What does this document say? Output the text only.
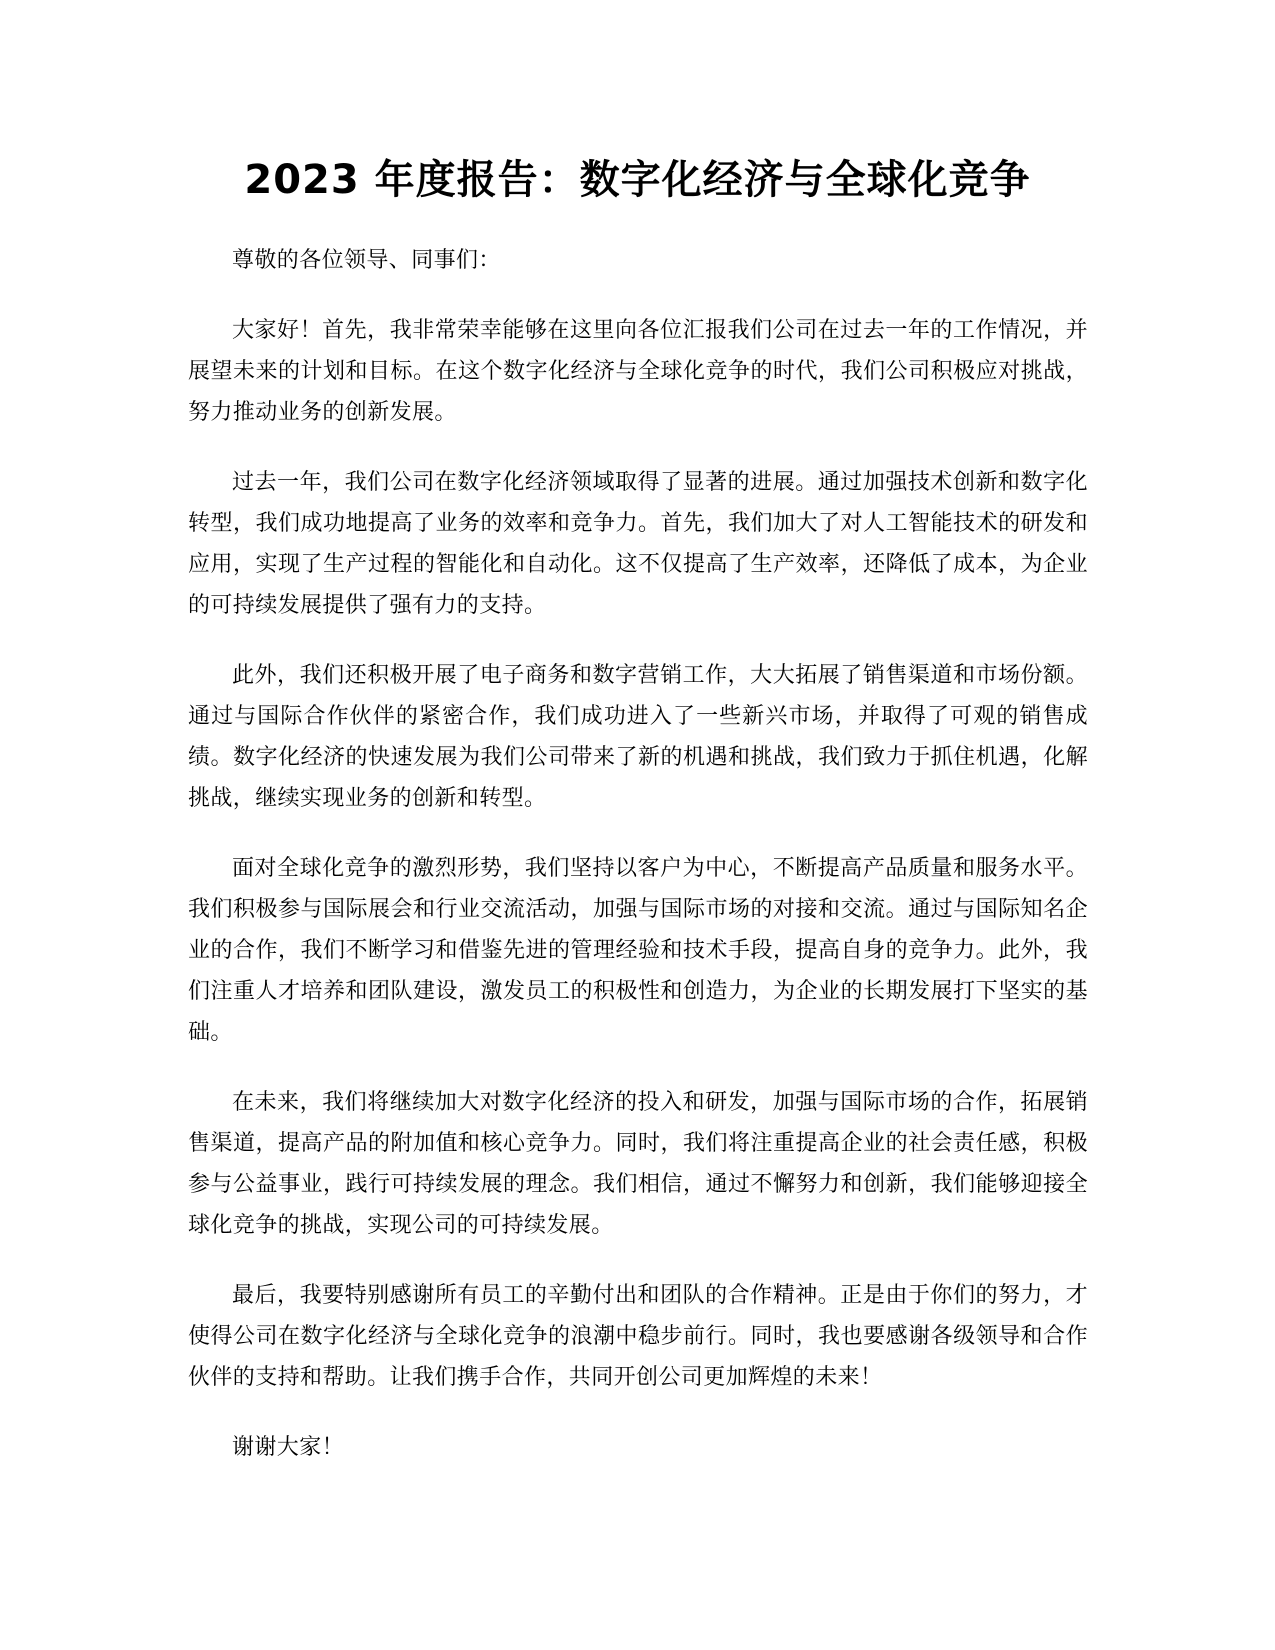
2023 年度报告：数字化经济与全球化竞争

尊敬的各位领导、同事们：

大家好！首先，我非常荣幸能够在这里向各位汇报我们公司在过去一年的工作情况，并展望未来的计划和目标。在这个数字化经济与全球化竞争的时代，我们公司积极应对挑战，努力推动业务的创新发展。

过去一年，我们公司在数字化经济领域取得了显著的进展。通过加强技术创新和数字化转型，我们成功地提高了业务的效率和竞争力。首先，我们加大了对人工智能技术的研发和应用，实现了生产过程的智能化和自动化。这不仅提高了生产效率，还降低了成本，为企业的可持续发展提供了强有力的支持。

此外，我们还积极开展了电子商务和数字营销工作，大大拓展了销售渠道和市场份额。通过与国际合作伙伴的紧密合作，我们成功进入了一些新兴市场，并取得了可观的销售成绩。数字化经济的快速发展为我们公司带来了新的机遇和挑战，我们致力于抓住机遇，化解挑战，继续实现业务的创新和转型。

面对全球化竞争的激烈形势，我们坚持以客户为中心，不断提高产品质量和服务水平。我们积极参与国际展会和行业交流活动，加强与国际市场的对接和交流。通过与国际知名企业的合作，我们不断学习和借鉴先进的管理经验和技术手段，提高自身的竞争力。此外，我们注重人才培养和团队建设，激发员工的积极性和创造力，为企业的长期发展打下坚实的基础。

在未来，我们将继续加大对数字化经济的投入和研发，加强与国际市场的合作，拓展销售渠道，提高产品的附加值和核心竞争力。同时，我们将注重提高企业的社会责任感，积极参与公益事业，践行可持续发展的理念。我们相信，通过不懈努力和创新，我们能够迎接全球化竞争的挑战，实现公司的可持续发展。

最后，我要特别感谢所有员工的辛勤付出和团队的合作精神。正是由于你们的努力，才使得公司在数字化经济与全球化竞争的浪潮中稳步前行。同时，我也要感谢各级领导和合作伙伴的支持和帮助。让我们携手合作，共同开创公司更加辉煌的未来！

谢谢大家！
